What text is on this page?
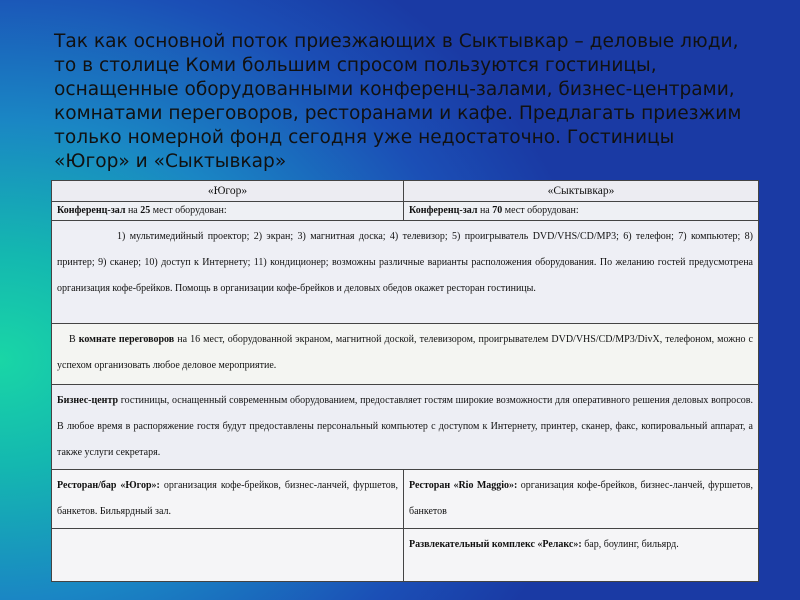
Так как основной поток приезжающих в Сыктывкар – деловые люди, то в столице Коми большим спросом пользуются гостиницы, оснащенные оборудованными конференц-залами, бизнес-центрами, комнатами переговоров, ресторанами и кафе. Предлагать приезжим только номерной фонд сегодня уже недостаточно. Гостиницы «Югор» и «Сыктывкар»

«Югор»	«Сыктывкар»
Конференц-зал на 25 мест оборудован:	Конференц-зал на 70 мест оборудован:
1) мультимедийный проектор; 2) экран; 3) магнитная доска; 4) телевизор; 5) проигрыватель DVD/VHS/CD/MP3; 6) телефон; 7) компьютер; 8) принтер; 9) сканер; 10) доступ к Интернету; 11) кондиционер; возможны различные варианты расположения оборудования. По желанию гостей предусмотрена организация кофе-брейков. Помощь в организации кофе-брейков и деловых обедов окажет ресторан гостиницы.	
В комнате переговоров на 16 мест, оборудованной экраном, магнитной доской, телевизором, проигрывателем DVD/VHS/CD/MP3/DivX, телефоном, можно с успехом организовать любое деловое мероприятие.	
Бизнес-центр гостиницы, оснащенный современным оборудованием, предоставляет гостям широкие возможности для оперативного решения деловых вопросов. В любое время в распоряжение гостя будут предоставлены персональный компьютер с доступом к Интернету, принтер, сканер, факс, копировальный аппарат, а также услуги секретаря.	
Ресторан/бар «Югор»: организация кофе-брейков, бизнес-ланчей, фуршетов, банкетов. Бильярдный зал.	Ресторан «Rio Maggio»: организация кофе-брейков, бизнес-ланчей, фуршетов, банкетов
	Развлекательный комплекс «Релакс»: бар, боулинг, бильярд.
